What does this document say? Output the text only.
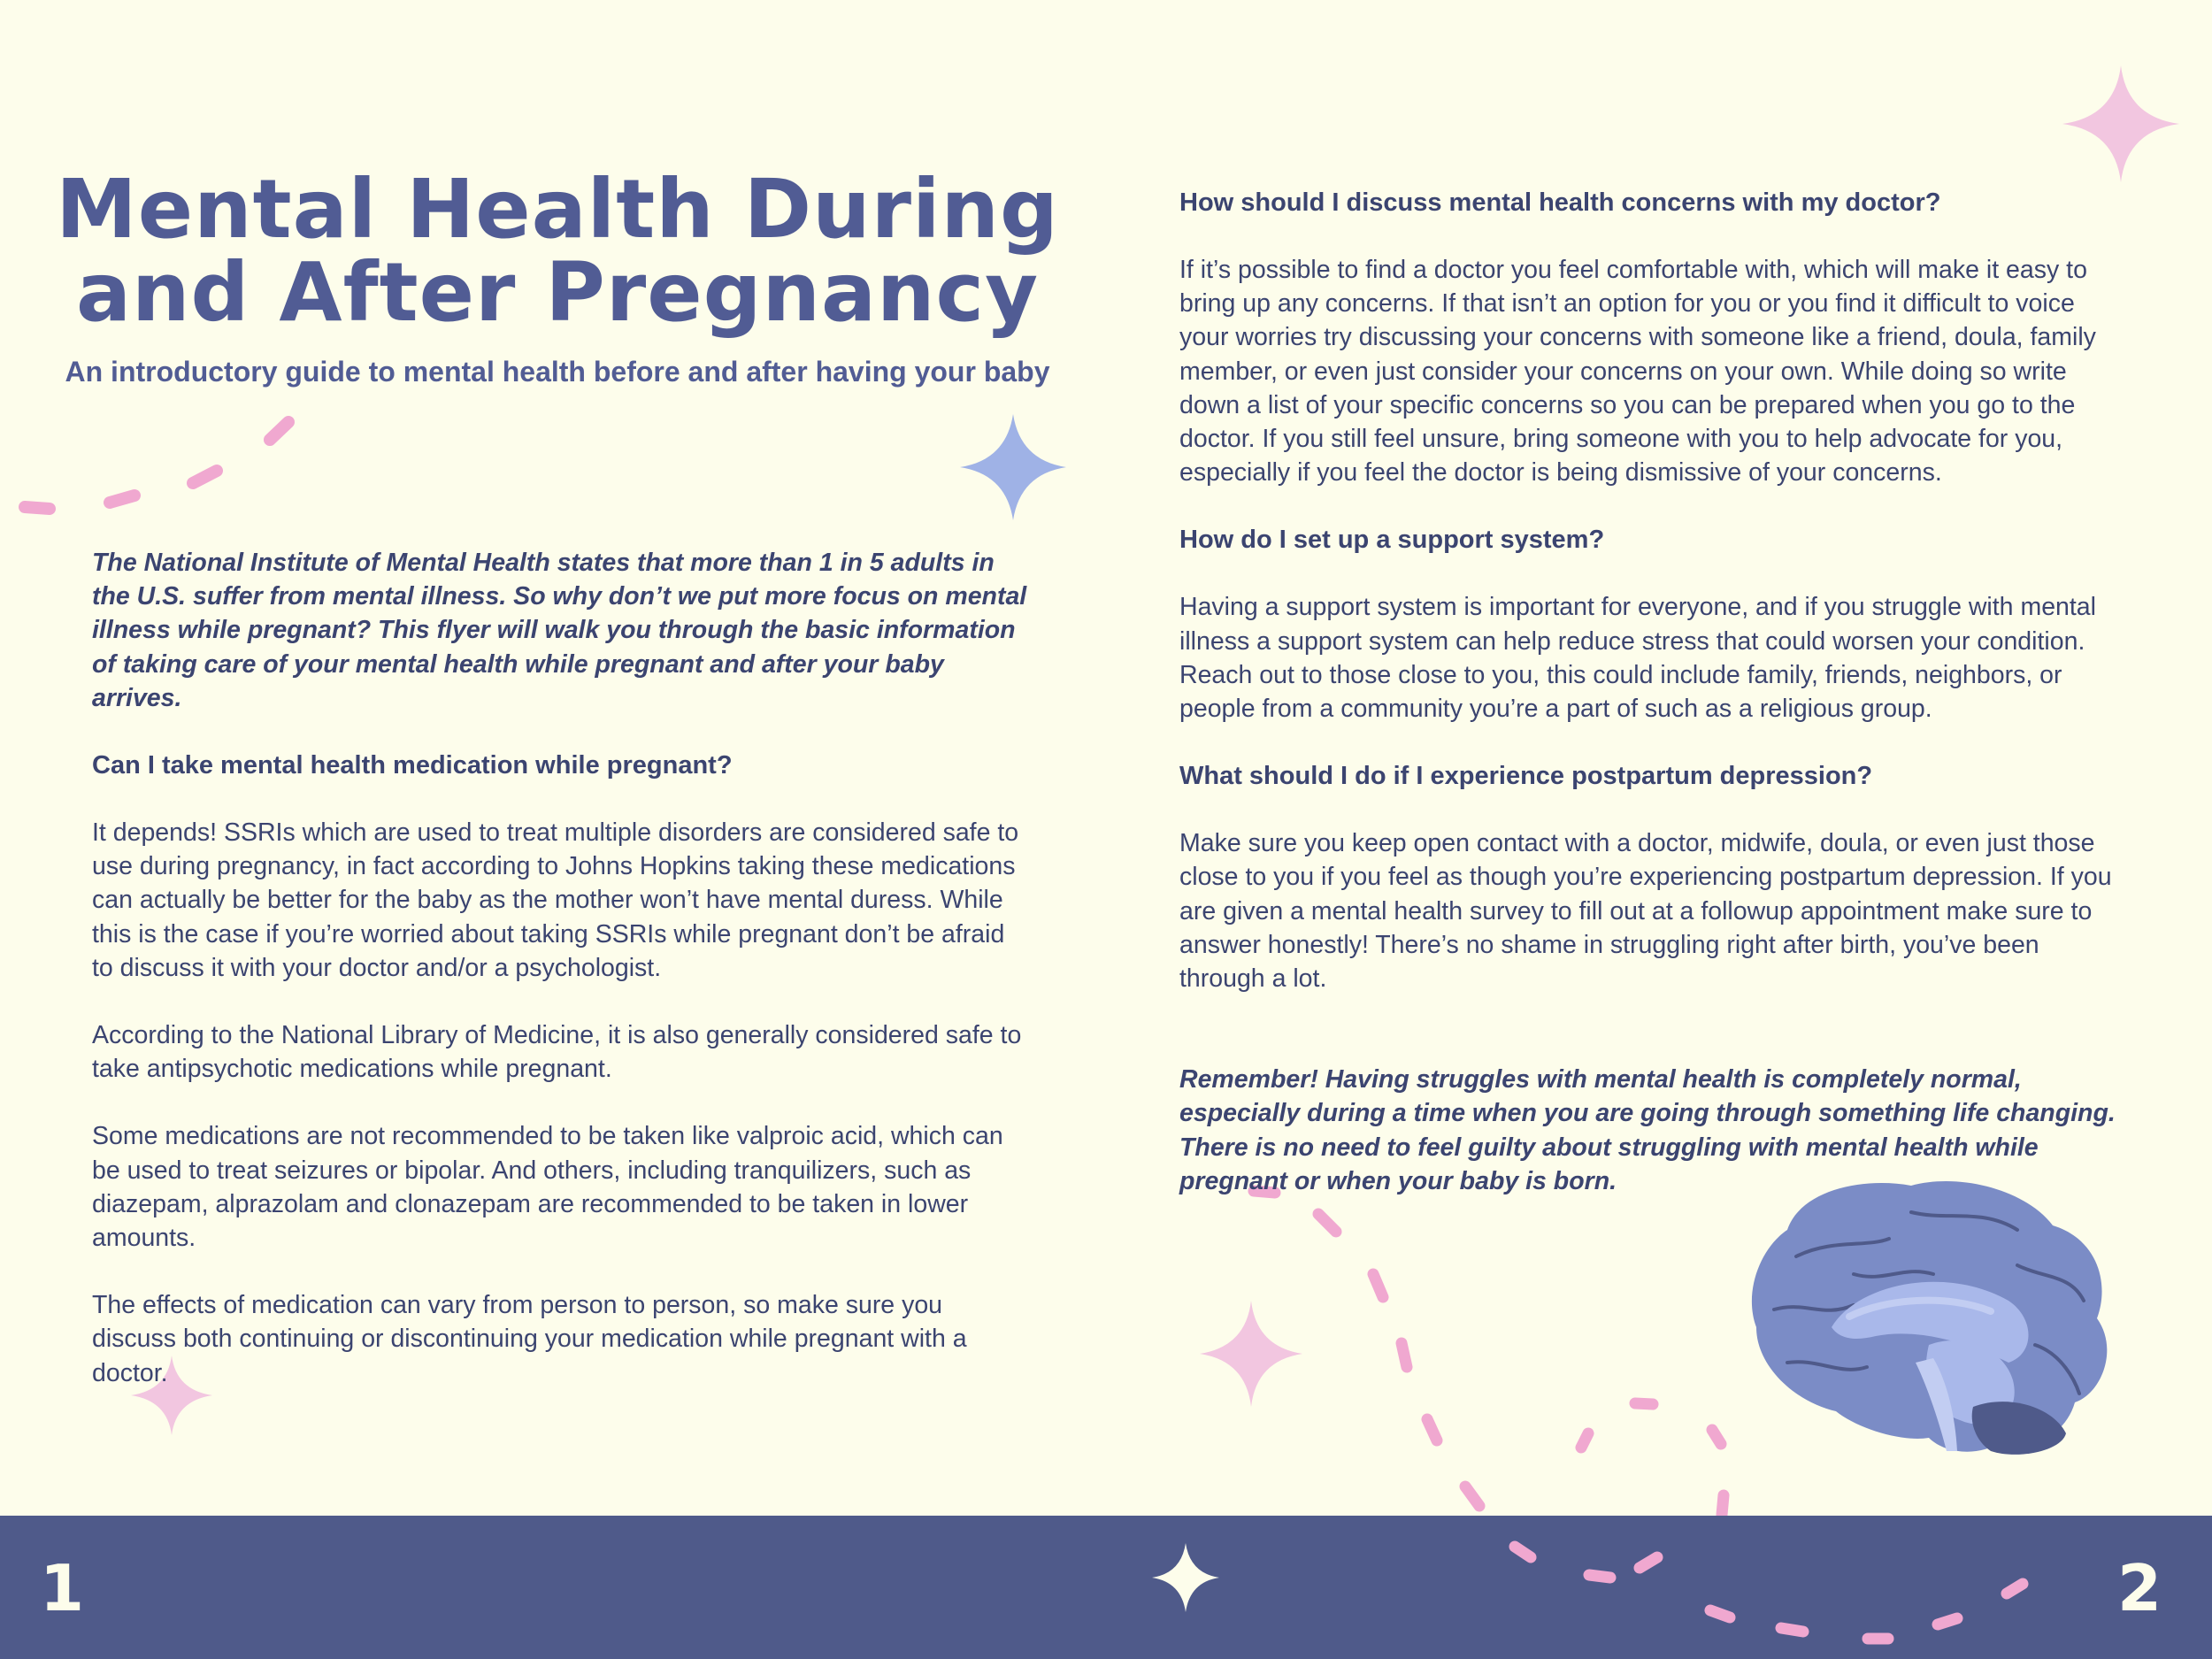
Mental Health During
and After Pregnancy

An introductory guide to mental health before and after having your baby

The National Institute of Mental Health states that more than 1 in 5 adults in the U.S. suffer from mental illness. So why don’t we put more focus on mental illness while pregnant? This flyer will walk you through the basic information of taking care of your mental health while pregnant and after your baby arrives.

Can I take mental health medication while pregnant?

It depends! SSRIs which are used to treat multiple disorders are considered safe to use during pregnancy, in fact according to Johns Hopkins taking these medications can actually be better for the baby as the mother won’t have mental duress. While this is the case if you’re worried about taking SSRIs while pregnant don’t be afraid to discuss it with your doctor and/or a psychologist.

According to the National Library of Medicine, it is also generally considered safe to take antipsychotic medications while pregnant.

Some medications are not recommended to be taken like valproic acid, which can be used to treat seizures or bipolar. And others, including tranquilizers, such as diazepam, alprazolam and clonazepam are recommended to be taken in lower amounts.

The effects of medication can vary from person to person, so make sure you discuss both continuing or discontinuing your medication while pregnant with a doctor.

How should I discuss mental health concerns with my doctor?

If it’s possible to find a doctor you feel comfortable with, which will make it easy to bring up any concerns. If that isn’t an option for you or you find it difficult to voice your worries try discussing your concerns with someone like a friend, doula, family member, or even just consider your concerns on your own. While doing so write down a list of your specific concerns so you can be prepared when you go to the doctor. If you still feel unsure, bring someone with you to help advocate for you, especially if you feel the doctor is being dismissive of your concerns.

How do I set up a support system?

Having a support system is important for everyone, and if you struggle with mental illness a support system can help reduce stress that could worsen your condition. Reach out to those close to you, this could include family, friends, neighbors, or people from a community you’re a part of such as a religious group.

What should I do if I experience postpartum depression?

Make sure you keep open contact with a doctor, midwife, doula, or even just those close to you if you feel as though you’re experiencing postpartum depression. If you are given a mental health survey to fill out at a followup appointment make sure to answer honestly! There’s no shame in struggling right after birth, you’ve been through a lot.

Remember! Having struggles with mental health is completely normal, especially during a time when you are going through something life changing. There is no need to feel guilty about struggling with mental health while pregnant or when your baby is born.

1	2
